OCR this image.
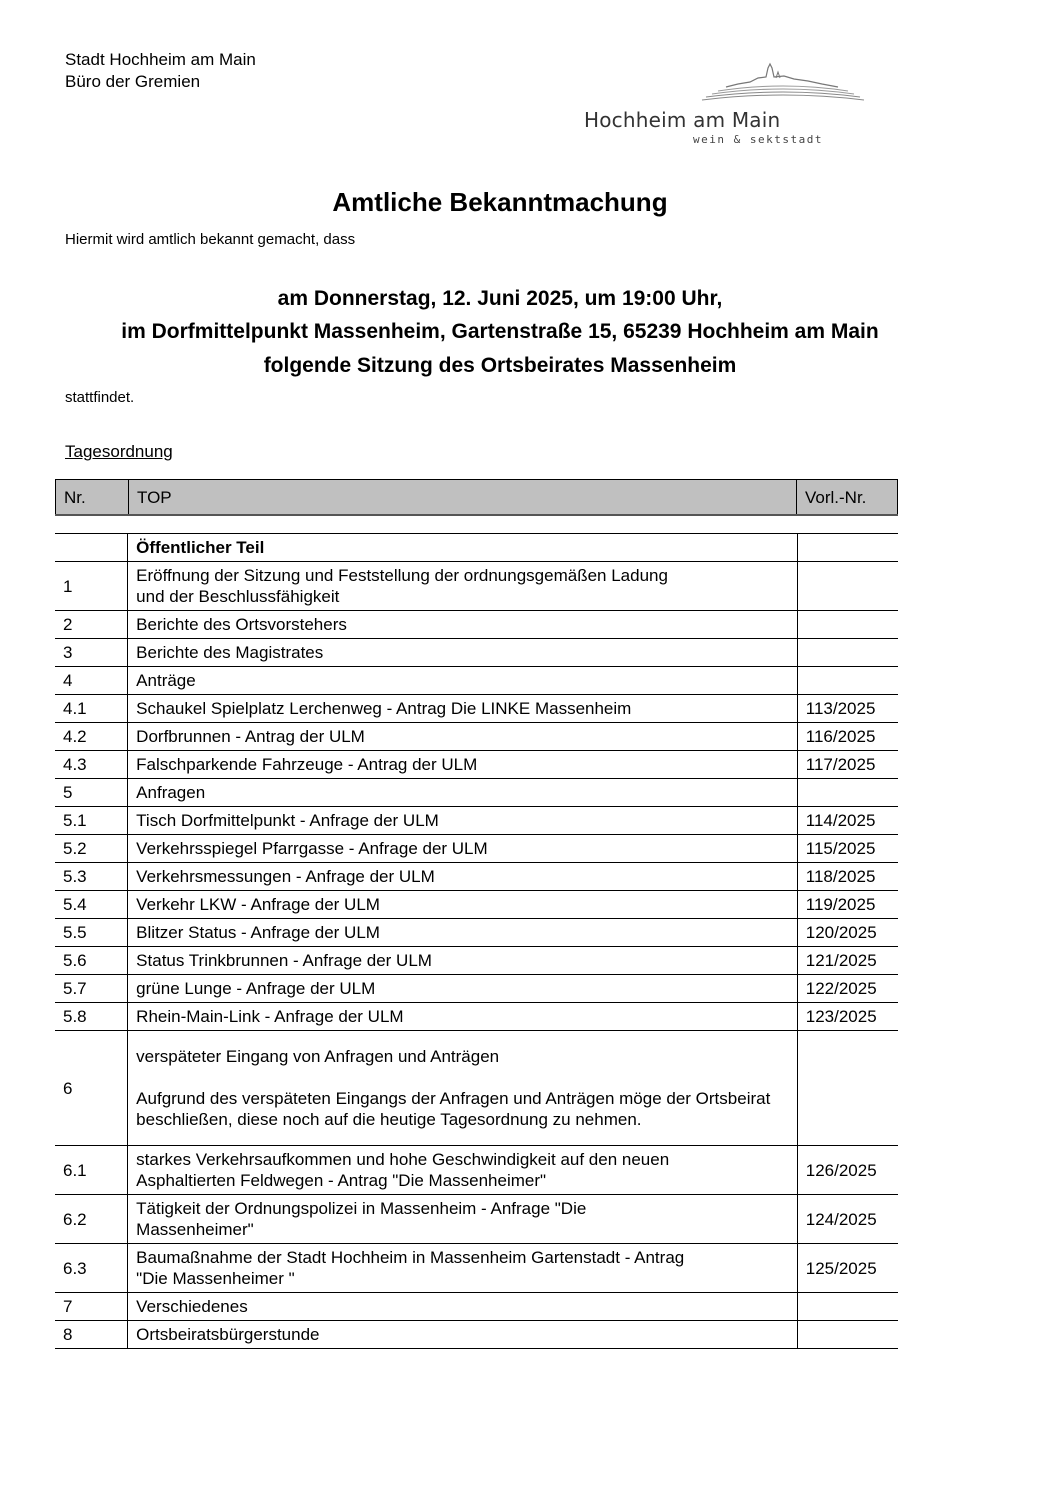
Stadt Hochheim am Main
Büro der Gremien
Hochheim am Main
wein & sektstadt
Amtliche Bekanntmachung
Hiermit wird amtlich bekannt gemacht, dass
am Donnerstag, 12. Juni 2025, um 19:00 Uhr,
im Dorfmittelpunkt Massenheim, Gartenstraße 15, 65239 Hochheim am Main
folgende Sitzung des Ortsbeirates Massenheim
stattfindet.
Tagesordnung
Nr.	TOP	Vorl.-Nr.
	Öffentlicher Teil	
1	Eröffnung der Sitzung und Feststellung der ordnungsgemäßen Ladung
und der Beschlussfähigkeit	

2	Berichte des Ortsvorstehers	

3	Berichte des Magistrates	

4	Anträge	

4.1	Schaukel Spielplatz Lerchenweg - Antrag Die LINKE Massenheim	113/2025
4.2	Dorfbrunnen - Antrag der ULM	116/2025
4.3	Falschparkende Fahrzeuge - Antrag der ULM	117/2025
5	Anfragen	

5.1	Tisch Dorfmittelpunkt - Anfrage der ULM	114/2025
5.2	Verkehrsspiegel Pfarrgasse - Anfrage der ULM	115/2025
5.3	Verkehrsmessungen - Anfrage der ULM	118/2025
5.4	Verkehr LKW - Anfrage der ULM	119/2025
5.5	Blitzer Status - Anfrage der ULM	120/2025
5.6	Status Trinkbrunnen - Anfrage der ULM	121/2025
5.7	grüne Lunge - Anfrage der ULM	122/2025
5.8	Rhein-Main-Link - Anfrage der ULM	123/2025
6	verspäteter Eingang von Anfragen und Anträgen
Aufgrund des verspäteten Eingangs der Anfragen und Anträgen möge der Ortsbeirat beschließen, diese noch auf die heutige Tagesordnung zu nehmen.	

6.1	starkes Verkehrsaufkommen und hohe Geschwindigkeit auf den neuen
Asphaltierten Feldwegen - Antrag "Die Massenheimer"	126/2025
6.2	Tätigkeit der Ordnungspolizei in Massenheim - Anfrage "Die
Massenheimer"	124/2025
6.3	Baumaßnahme der Stadt Hochheim in Massenheim Gartenstadt - Antrag
"Die Massenheimer "	125/2025
7	Verschiedenes	

8	Ortsbeiratsbürgerstunde	
